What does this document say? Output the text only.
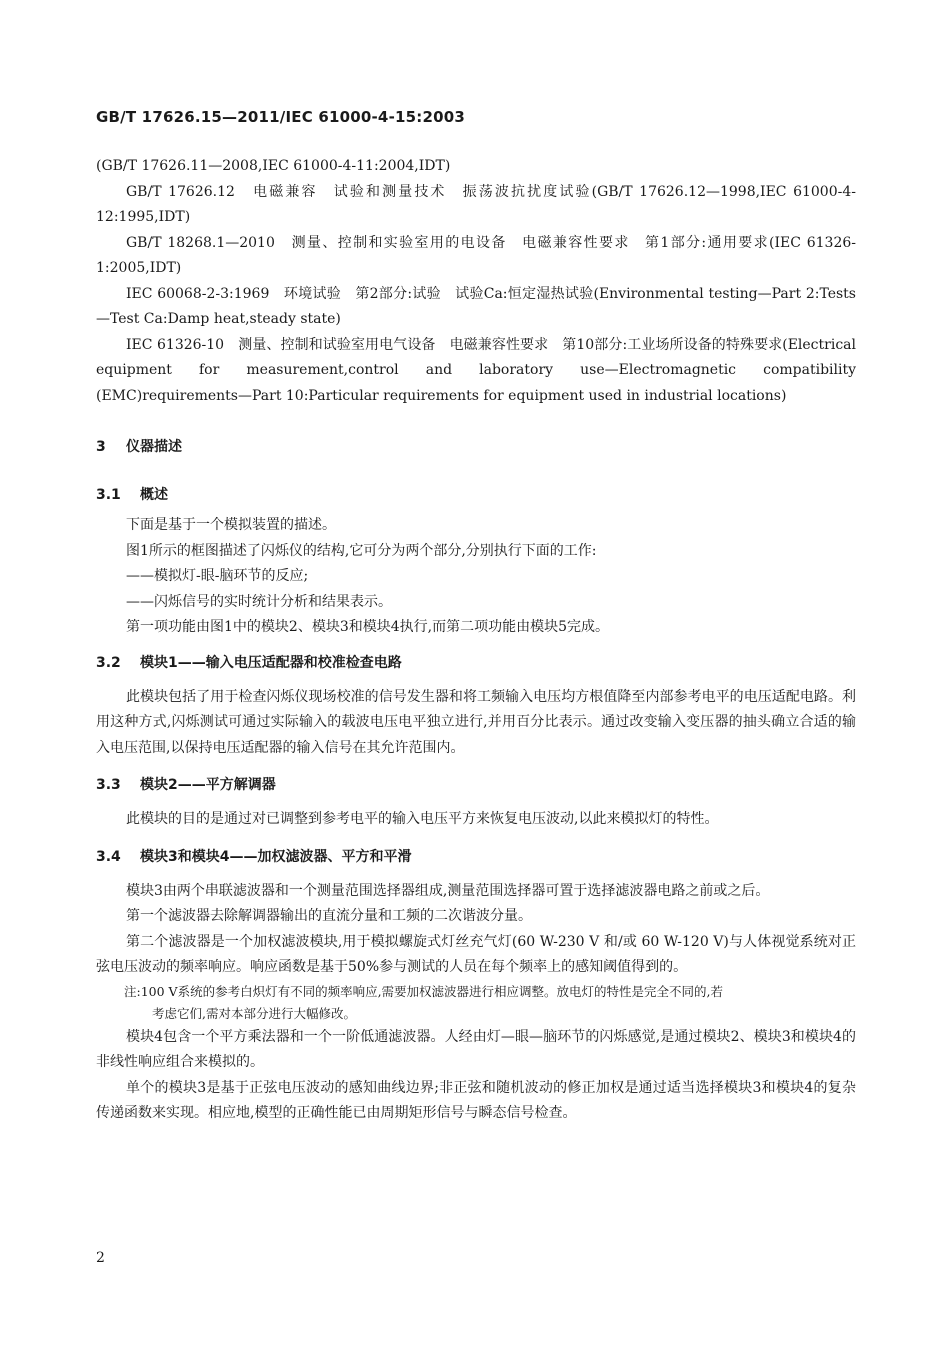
GB/T 17626.15—2011/IEC 61000-4-15:2003

(GB/T 17626.11—2008,IEC 61000-4-11:2004,IDT)

GB/T 17626.12　电磁兼容　试验和测量技术　振荡波抗扰度试验(GB/T 17626.12—1998,IEC 61000-4-12:1995,IDT)

GB/T 18268.1—2010　测量、控制和实验室用的电设备　电磁兼容性要求　第1部分:通用要求(IEC 61326-1:2005,IDT)

IEC 60068-2-3:1969　环境试验　第2部分:试验　试验Ca:恒定湿热试验(Environmental testing—Part 2:Tests—Test Ca:Damp heat,steady state)

IEC 61326-10　测量、控制和试验室用电气设备　电磁兼容性要求　第10部分:工业场所设备的特殊要求(Electrical equipment for measurement,control and laboratory use—Electromagnetic compatibility (EMC)requirements—Part 10:Particular requirements for equipment used in industrial locations)

3 仪器描述
3.1 概述

下面是基于一个模拟装置的描述。

图1所示的框图描述了闪烁仪的结构,它可分为两个部分,分别执行下面的工作:

——模拟灯-眼-脑环节的反应;

——闪烁信号的实时统计分析和结果表示。

第一项功能由图1中的模块2、模块3和模块4执行,而第二项功能由模块5完成。

3.2 模块1——输入电压适配器和校准检查电路

此模块包括了用于检查闪烁仪现场校准的信号发生器和将工频输入电压均方根值降至内部参考电平的电压适配电路。利用这种方式,闪烁测试可通过实际输入的载波电压电平独立进行,并用百分比表示。通过改变输入变压器的抽头确立合适的输入电压范围,以保持电压适配器的输入信号在其允许范围内。

3.3 模块2——平方解调器

此模块的目的是通过对已调整到参考电平的输入电压平方来恢复电压波动,以此来模拟灯的特性。

3.4 模块3和模块4——加权滤波器、平方和平滑

模块3由两个串联滤波器和一个测量范围选择器组成,测量范围选择器可置于选择滤波器电路之前或之后。

第一个滤波器去除解调器输出的直流分量和工频的二次谐波分量。

第二个滤波器是一个加权滤波模块,用于模拟螺旋式灯丝充气灯(60 W-230 V 和/或 60 W-120 V)与人体视觉系统对正弦电压波动的频率响应。响应函数是基于50%参与测试的人员在每个频率上的感知阈值得到的。

注:100 V系统的参考白炽灯有不同的频率响应,需要加权滤波器进行相应调整。放电灯的特性是完全不同的,若
考虑它们,需对本部分进行大幅修改。

模块4包含一个平方乘法器和一个一阶低通滤波器。人经由灯—眼—脑环节的闪烁感觉,是通过模块2、模块3和模块4的非线性响应组合来模拟的。

单个的模块3是基于正弦电压波动的感知曲线边界;非正弦和随机波动的修正加权是通过适当选择模块3和模块4的复杂传递函数来实现。相应地,模型的正确性能已由周期矩形信号与瞬态信号检查。

2
